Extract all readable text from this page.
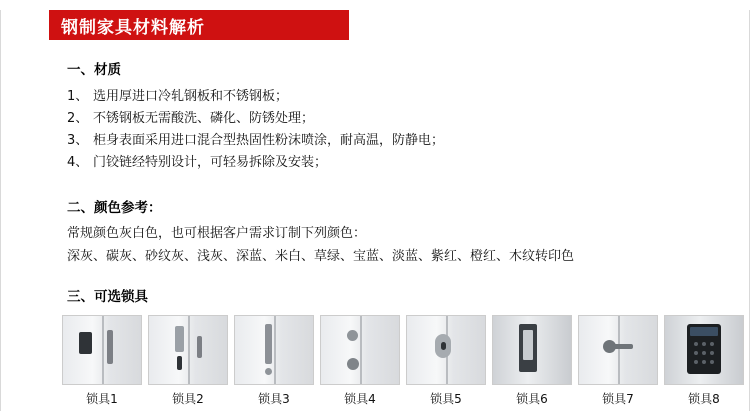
钢制家具材料解析
一、材质
1、 选用厚进口冷轧钢板和不锈钢板；
2、 不锈钢板无需酸洗、磷化、防锈处理；
3、 柜身表面采用进口混合型热固性粉沫喷涂，耐高温，防静电；
4、 门铰链经特别设计，可轻易拆除及安装；
二、颜色参考：
常规颜色灰白色，也可根据客户需求订制下列颜色：
深灰、碳灰、砂纹灰、浅灰、深蓝、米白、草绿、宝蓝、淡蓝、紫红、橙红、木纹转印色
三、可选锁具
锁具1	锁具2	锁具3	锁具4	锁具5	锁具6	锁具7	锁具8
